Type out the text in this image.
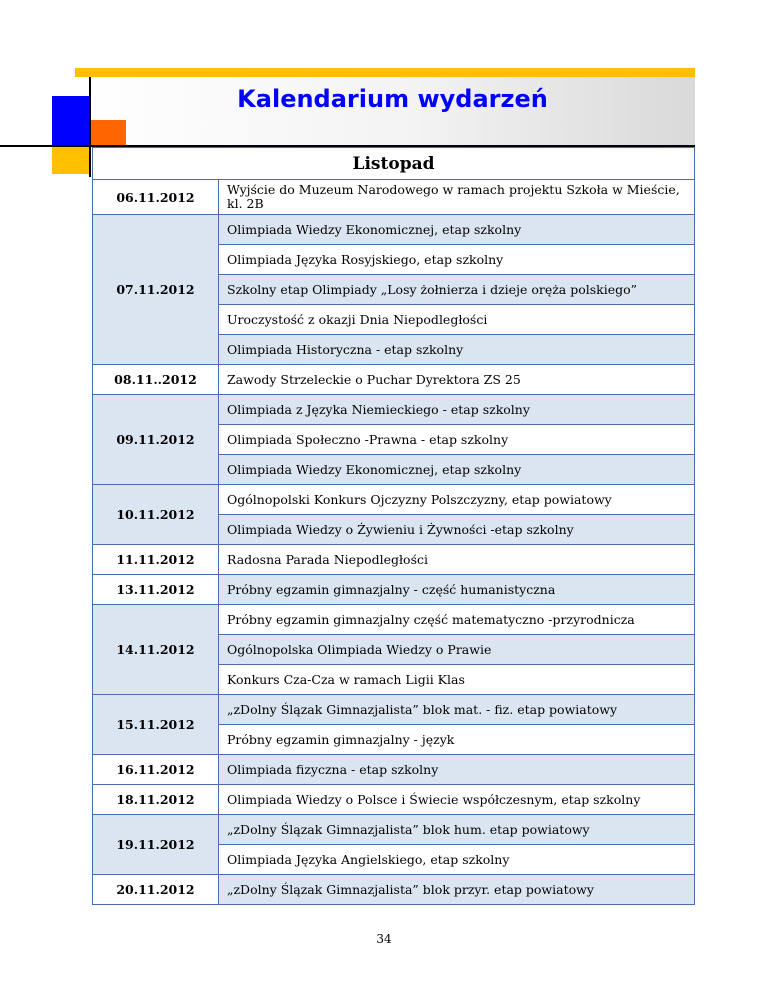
Kalendarium wydarzeń
Listopad	
06.11.2012	Wyjście do Muzeum Narodowego w ramach projektu Szkoła w Mieście, kl. 2B
07.11.2012	Olimpiada Wiedzy Ekonomicznej, etap szkolny
	Olimpiada Języka Rosyjskiego, etap szkolny
	Szkolny etap Olimpiady „Losy żołnierza i dzieje oręża polskiego”
	Uroczystość z okazji Dnia Niepodległości
	Olimpiada Historyczna - etap szkolny
08.11..2012	Zawody Strzeleckie o Puchar Dyrektora ZS 25
09.11.2012	Olimpiada z Języka Niemieckiego - etap szkolny
	Olimpiada Społeczno -Prawna - etap szkolny
	Olimpiada Wiedzy Ekonomicznej, etap szkolny
10.11.2012	Ogólnopolski Konkurs Ojczyzny Polszczyzny, etap powiatowy
	Olimpiada Wiedzy o Żywieniu i Żywności -etap szkolny
11.11.2012	Radosna Parada Niepodległości
13.11.2012	Próbny egzamin gimnazjalny - część humanistyczna
14.11.2012	Próbny egzamin gimnazjalny część matematyczno -przyrodnicza
	Ogólnopolska Olimpiada Wiedzy o Prawie
	Konkurs Cza-Cza w ramach Ligii Klas
15.11.2012	„zDolny Ślązak Gimnazjalista” blok mat. - fiz. etap powiatowy
	Próbny egzamin gimnazjalny - język
16.11.2012	Olimpiada fizyczna - etap szkolny
18.11.2012	Olimpiada Wiedzy o Polsce i Świecie współczesnym, etap szkolny
19.11.2012	„zDolny Ślązak Gimnazjalista” blok hum. etap powiatowy
	Olimpiada Języka Angielskiego, etap szkolny
20.11.2012	„zDolny Ślązak Gimnazjalista” blok przyr. etap powiatowy
34
